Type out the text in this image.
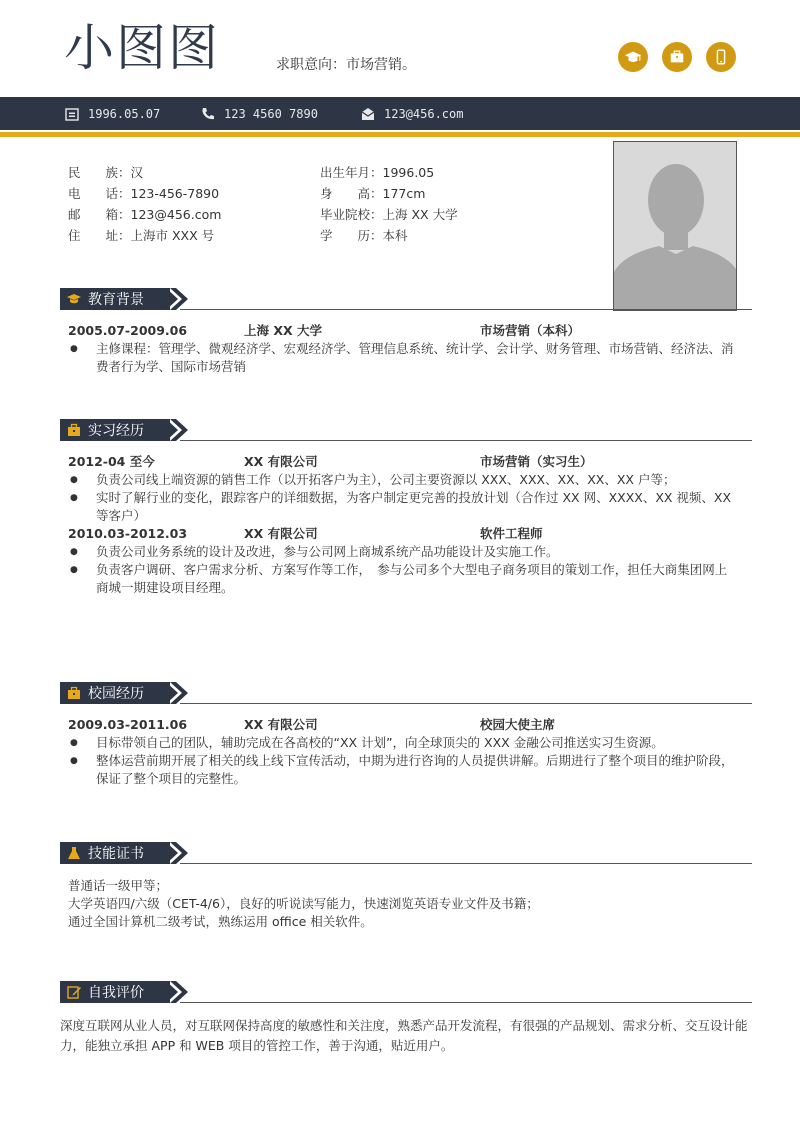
小图图	求职意向：市场营销。
1996.05.07	123 4560 7890	123@456.com
民　　族： 汉
电　　话： 123-456-7890
邮　　箱： 123@456.com
住　　址： 上海市 XXX 号
出生年月： 1996.05
身　　高： 177cm
毕业院校： 上海 XX 大学
学　　历： 本科
教育背景
2005.07-2009.06	上海 XX 大学	市场营销（本科）
●	主修课程：管理学、微观经济学、宏观经济学、管理信息系统、统计学、会计学、财务管理、市场营销、经济法、消费者行为学、国际市场营销
实习经历
2012-04 至今	XX 有限公司	市场营销（实习生）
●	负责公司线上端资源的销售工作（以开拓客户为主），公司主要资源以 XXX、XXX、XX、XX、XX 户等；
●	实时了解行业的变化，跟踪客户的详细数据，为客户制定更完善的投放计划（合作过 XX 网、XXXX、XX 视频、XX 等客户）
2010.03-2012.03	XX 有限公司	软件工程师
●	负责公司业务系统的设计及改进，参与公司网上商城系统产品功能设计及实施工作。
●	负责客户调研、客户需求分析、方案写作等工作，　参与公司多个大型电子商务项目的策划工作，担任大商集团网上商城一期建设项目经理。
校园经历
2009.03-2011.06	XX 有限公司	校园大使主席
●	目标带领自己的团队，辅助完成在各高校的“XX 计划”，向全球顶尖的 XXX 金融公司推送实习生资源。
●	整体运营前期开展了相关的线上线下宣传活动，中期为进行咨询的人员提供讲解。后期进行了整个项目的维护阶段，保证了整个项目的完整性。
技能证书
普通话一级甲等；
大学英语四/六级（CET-4/6），良好的听说读写能力，快速浏览英语专业文件及书籍；
通过全国计算机二级考试，熟练运用 office 相关软件。
自我评价
深度互联网从业人员，对互联网保持高度的敏感性和关注度，熟悉产品开发流程，有很强的产品规划、需求分析、交互设计能力，能独立承担 APP 和 WEB 项目的管控工作，善于沟通，贴近用户。
